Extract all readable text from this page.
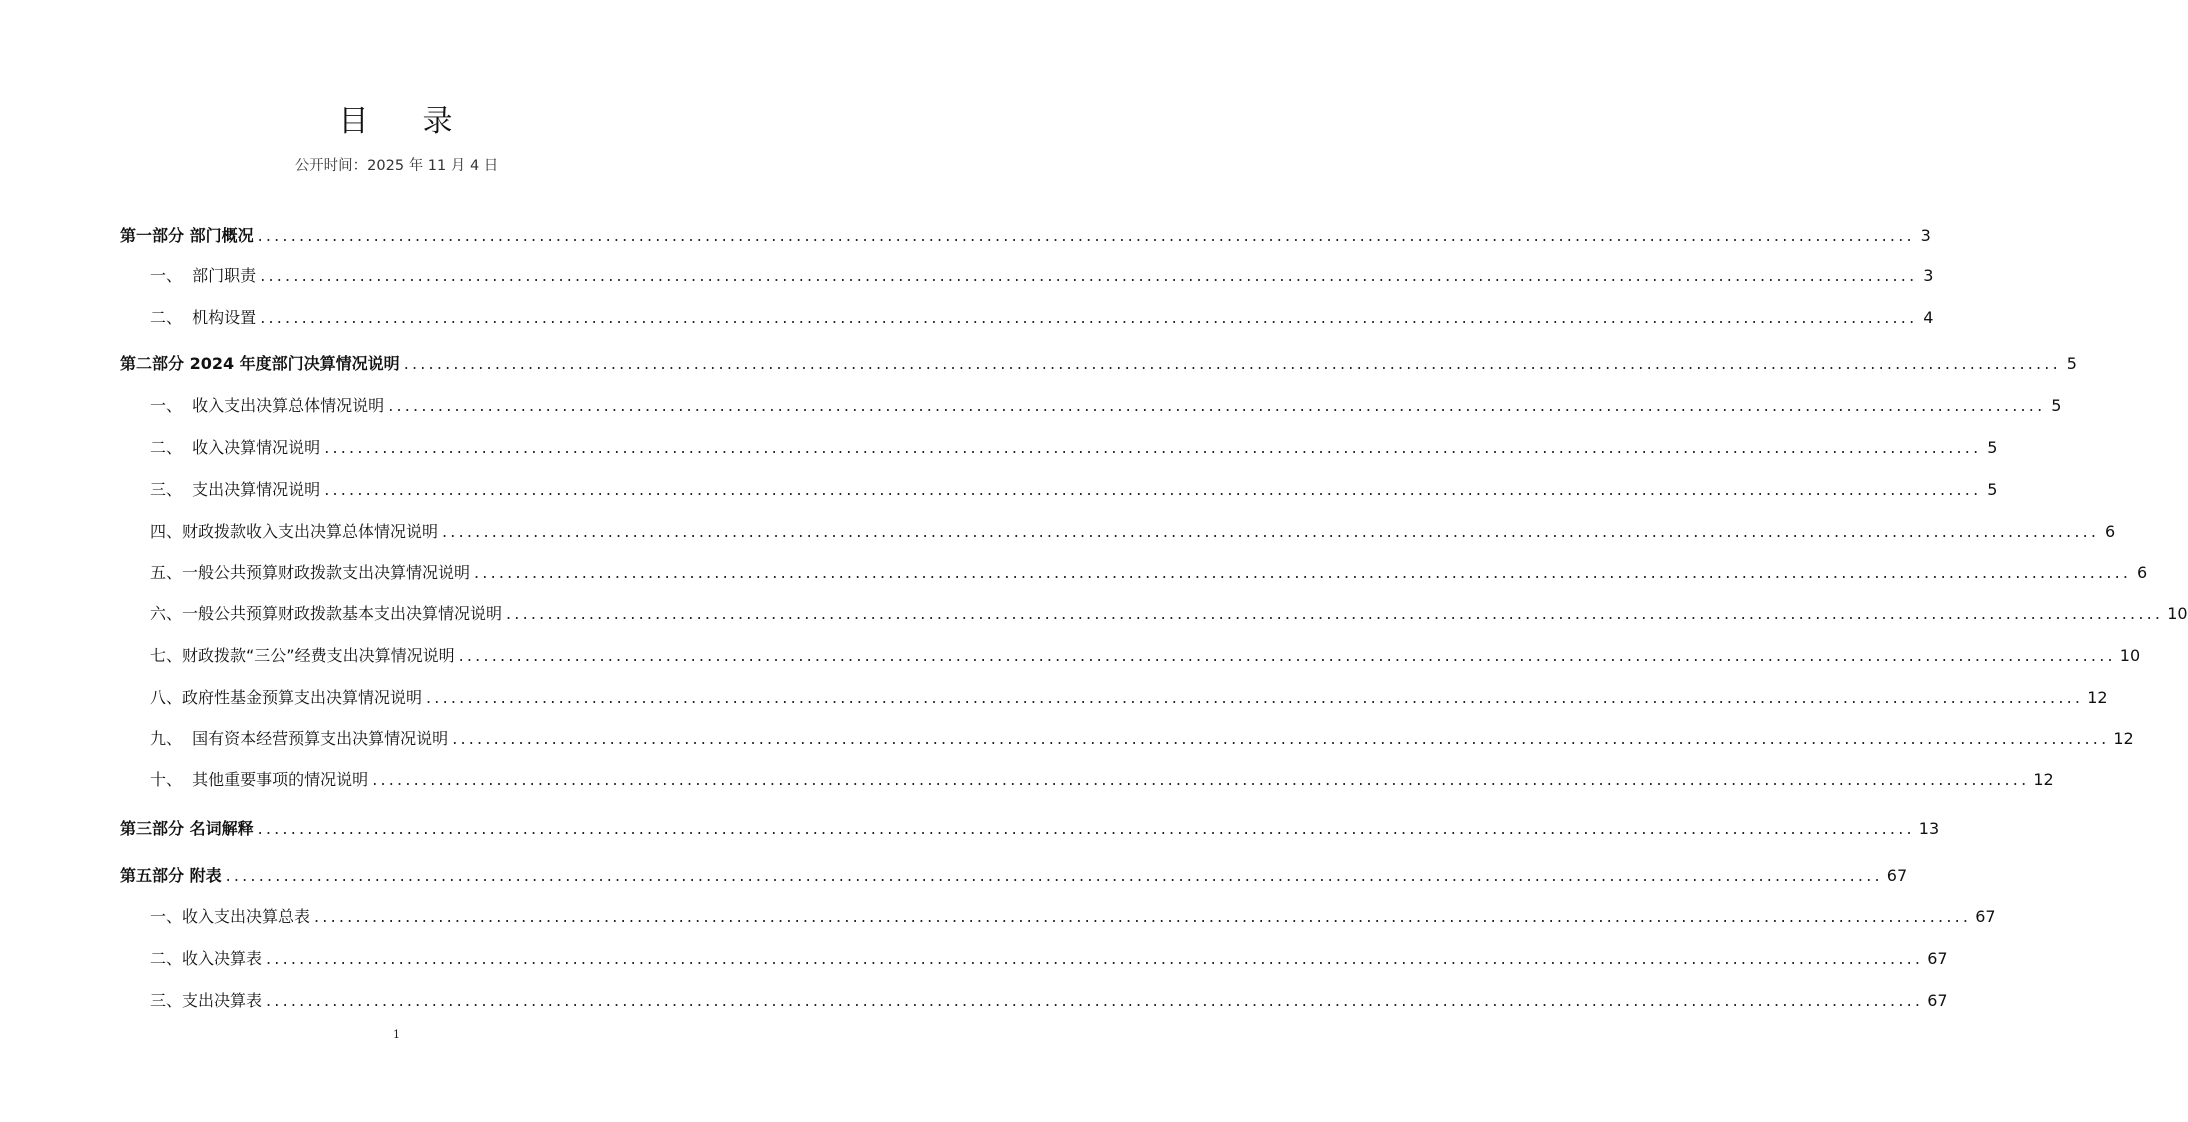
目 录
公开时间：2025 年 11 月 4 日
第一部分 部门概况 ........................................................................................................................................................................................................ 3
一、  部门职责 ........................................................................................................................................................................................................ 3
二、  机构设置 ........................................................................................................................................................................................................ 4
第二部分 2024 年度部门决算情况说明 ........................................................................................................................................................................................................ 5
一、  收入支出决算总体情况说明 ........................................................................................................................................................................................................ 5
二、  收入决算情况说明 ........................................................................................................................................................................................................ 5
三、  支出决算情况说明 ........................................................................................................................................................................................................ 5
四、财政拨款收入支出决算总体情况说明 ........................................................................................................................................................................................................ 6
五、一般公共预算财政拨款支出决算情况说明 ........................................................................................................................................................................................................ 6
六、一般公共预算财政拨款基本支出决算情况说明 ........................................................................................................................................................................................................ 10
七、财政拨款“三公”经费支出决算情况说明 ........................................................................................................................................................................................................ 10
八、政府性基金预算支出决算情况说明 ........................................................................................................................................................................................................ 12
九、  国有资本经营预算支出决算情况说明 ........................................................................................................................................................................................................ 12
十、  其他重要事项的情况说明 ........................................................................................................................................................................................................ 12
第三部分 名词解释 ........................................................................................................................................................................................................ 13
第五部分 附表 ........................................................................................................................................................................................................ 67
一、收入支出决算总表 ........................................................................................................................................................................................................ 67
二、收入决算表 ........................................................................................................................................................................................................ 67
三、支出决算表 ........................................................................................................................................................................................................ 67
1
